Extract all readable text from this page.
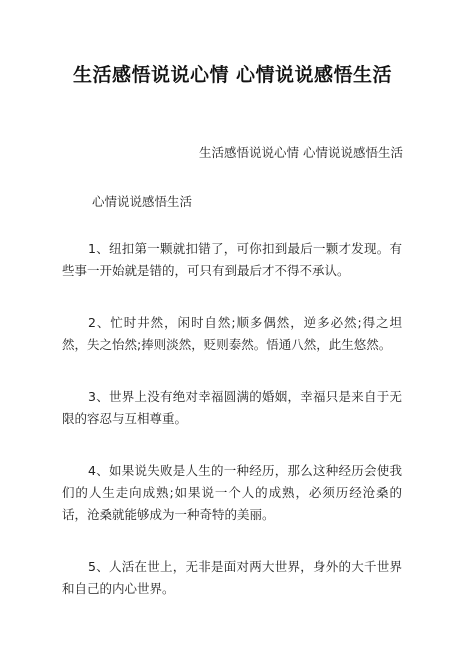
生活感悟说说心情 心情说说感悟生活

生活感悟说说心情 心情说说感悟生活

心情说说感悟生活

1、纽扣第一颗就扣错了，可你扣到最后一颗才发现。有些事一开始就是错的，可只有到最后才不得不承认。

2、忙时井然，闲时自然;顺多偶然，逆多必然;得之坦然，失之怡然;捧则淡然，贬则泰然。悟通八然，此生悠然。

3、世界上没有绝对幸福圆满的婚姻，幸福只是来自于无限的容忍与互相尊重。

4、如果说失败是人生的一种经历，那么这种经历会使我们的人生走向成熟;如果说一个人的成熟，必须历经沧桑的话，沧桑就能够成为一种奇特的美丽。

5、人活在世上，无非是面对两大世界，身外的大千世界和自己的内心世界。
